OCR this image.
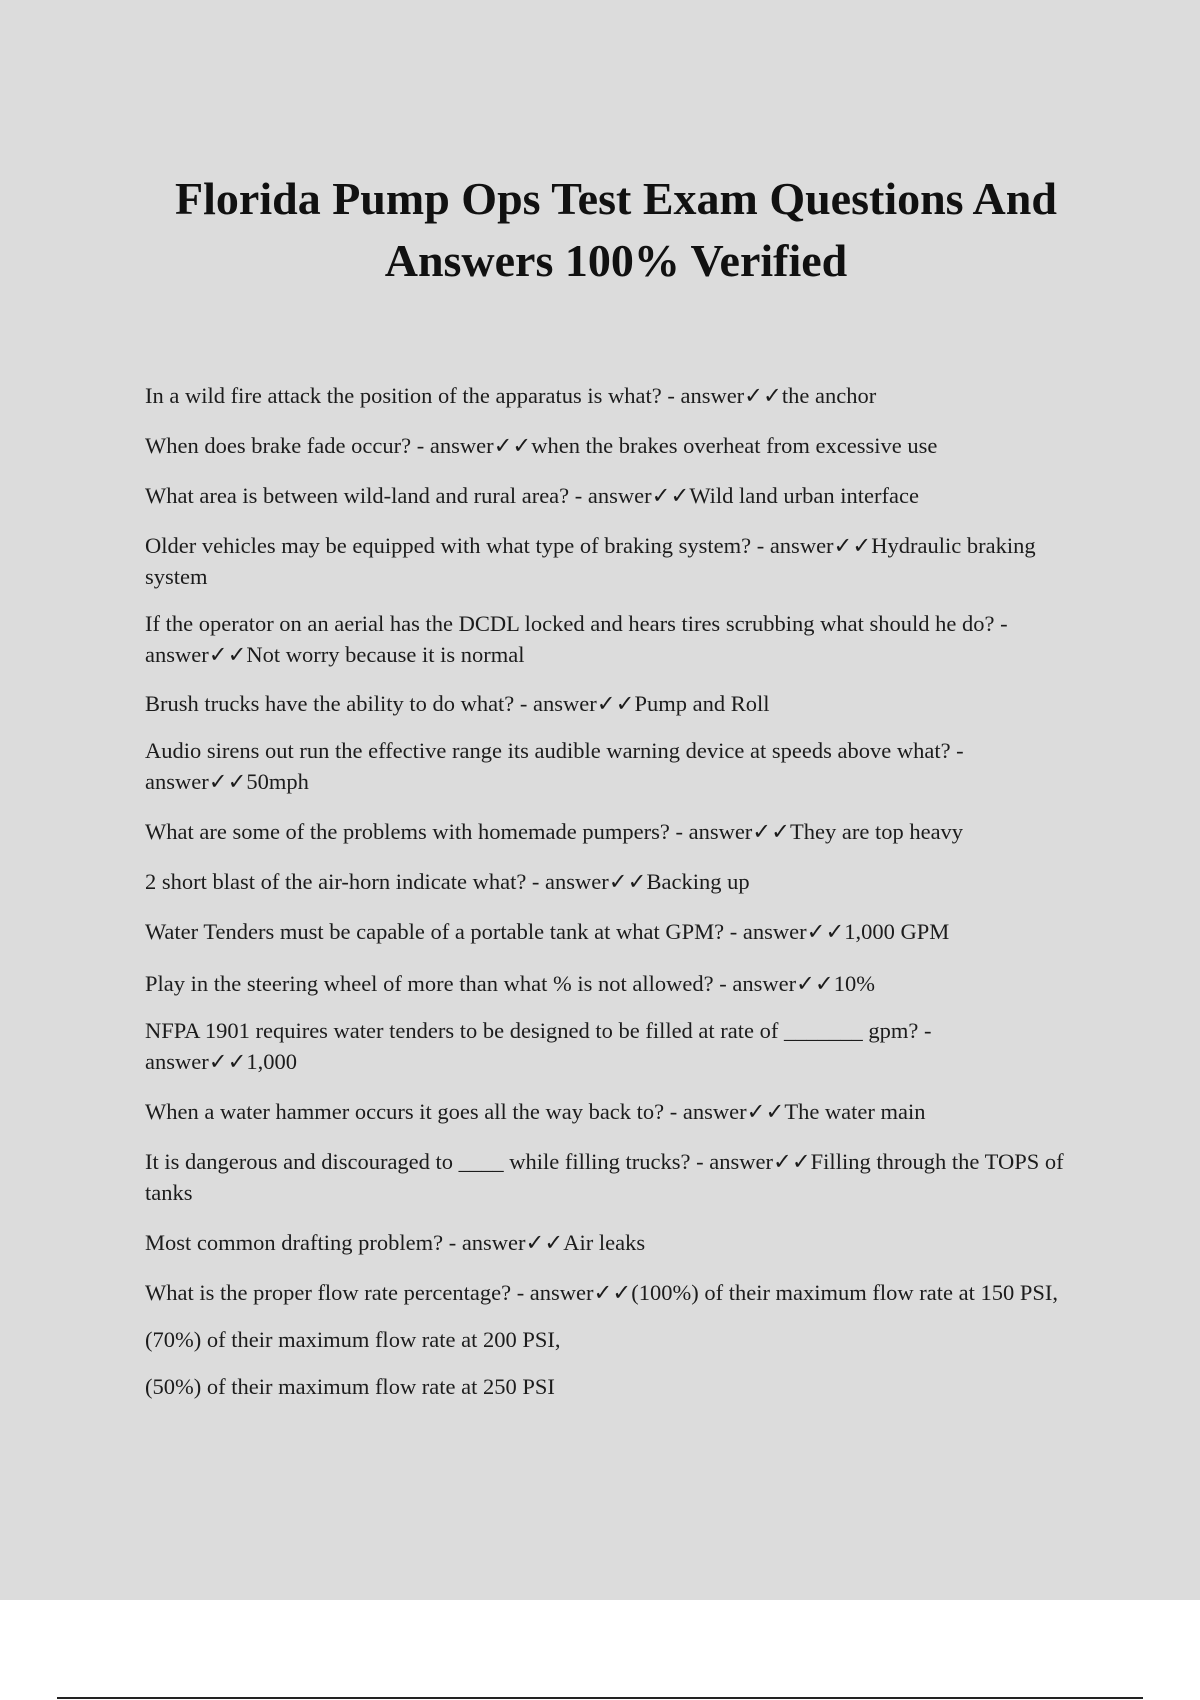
Florida Pump Ops Test Exam Questions And
Answers 100% Verified
In a wild fire attack the position of the apparatus is what? - answer✓✓the anchor
When does brake fade occur? - answer✓✓when the brakes overheat from excessive use
What area is between wild-land and rural area? - answer✓✓Wild land urban interface
Older vehicles may be equipped with what type of braking system? - answer✓✓Hydraulic braking system
If the operator on an aerial has the DCDL locked and hears tires scrubbing what should he do? - answer✓✓Not worry because it is normal
Brush trucks have the ability to do what? - answer✓✓Pump and Roll
Audio sirens out run the effective range its audible warning device at speeds above what? - answer✓✓50mph
What are some of the problems with homemade pumpers? - answer✓✓They are top heavy
2 short blast of the air-horn indicate what? - answer✓✓Backing up
Water Tenders must be capable of a portable tank at what GPM? - answer✓✓1,000 GPM
Play in the steering wheel of more than what % is not allowed? - answer✓✓10%
NFPA 1901 requires water tenders to be designed to be filled at rate of _______ gpm? - answer✓✓1,000
When a water hammer occurs it goes all the way back to? - answer✓✓The water main
It is dangerous and discouraged to ____ while filling trucks? - answer✓✓Filling through the TOPS of tanks
Most common drafting problem? - answer✓✓Air leaks
What is the proper flow rate percentage? - answer✓✓(100%) of their maximum flow rate at 150 PSI,
(70%) of their maximum flow rate at 200 PSI,
(50%) of their maximum flow rate at 250 PSI
